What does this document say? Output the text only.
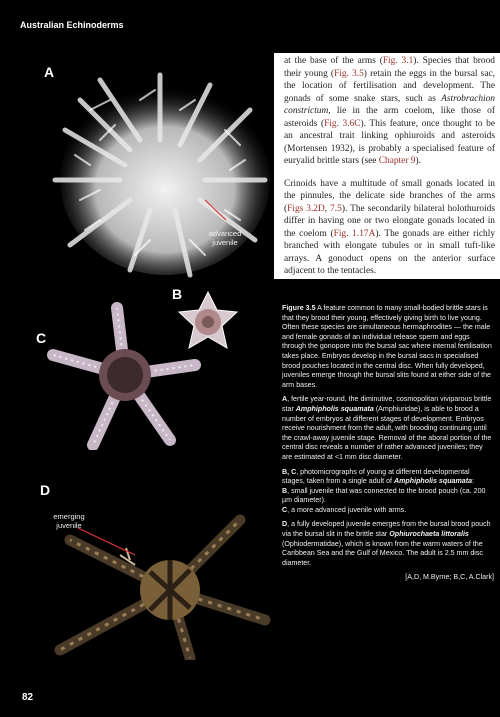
Australian Echinoderms
A
advanced
juvenile

at the base of the arms (Fig. 3.1). Species that brood their young (Fig. 3.5) retain the eggs in the bursal sac, the location of fertilisation and development. The gonads of some snake stars, such as Astrobrachion constrictum, lie in the arm coelom, like those of asteroids (Fig. 3.6C). This feature, once thought to be an ancestral trait linking ophiuroids and asteroids (Mortensen 1932), is probably a specialised feature of euryalid brittle stars (see Chapter 9).

Crinoids have a multitude of small gonads located in the pinnules, the delicate side branches of the arms (Figs 3.2D, 7.5). The secondarily bilateral holothuroids differ in having one or two elongate gonads located in the coelom (Fig. 1.17A). The gonads are either richly branched with elongate tubules or in small tuft-like arrays. A gonoduct opens on the anterior surface adjacent to the tentacles.

B
C
D
emerging
juvenile

Figure 3.5 A feature common to many small-bodied brittle stars is that they brood their young, effectively giving birth to live young. Often these species are simultaneous hermaphrodites — the male and female gonads of an individual release sperm and eggs through the gonopore into the bursal sac where internal fertilisation takes place. Embryos develop in the bursal sacs in specialised brood pouches located in the central disc. When fully developed, juveniles emerge through the bursal slits found at either side of the arm bases.

A, fertile year-round, the diminutive, cosmopolitan viviparous brittle star Amphipholis squamata (Amphiuridae), is able to brood a number of embryos at different stages of development. Embryos receive nourishment from the adult, with brooding continuing until the crawl-away juvenile stage. Removal of the aboral portion of the central disc reveals a number of rather advanced juveniles; they are estimated at <1 mm disc diameter.

B, C, photomicrographs of young at different developmental stages, taken from a single adult of Amphipholis squamata:
B, small juvenile that was connected to the brood pouch (ca. 200 µm diameter).
C, a more advanced juvenile with arms.

D, a fully developed juvenile emerges from the bursal brood pouch via the bursal slit in the brittle star Ophiurochaeta littoralis (Ophiodermatidae), which is known from the warm waters of the Caribbean Sea and the Gulf of Mexico. The adult is 2.5 mm disc diameter.

[A,D, M.Byrne; B,C, A.Clark]

82
